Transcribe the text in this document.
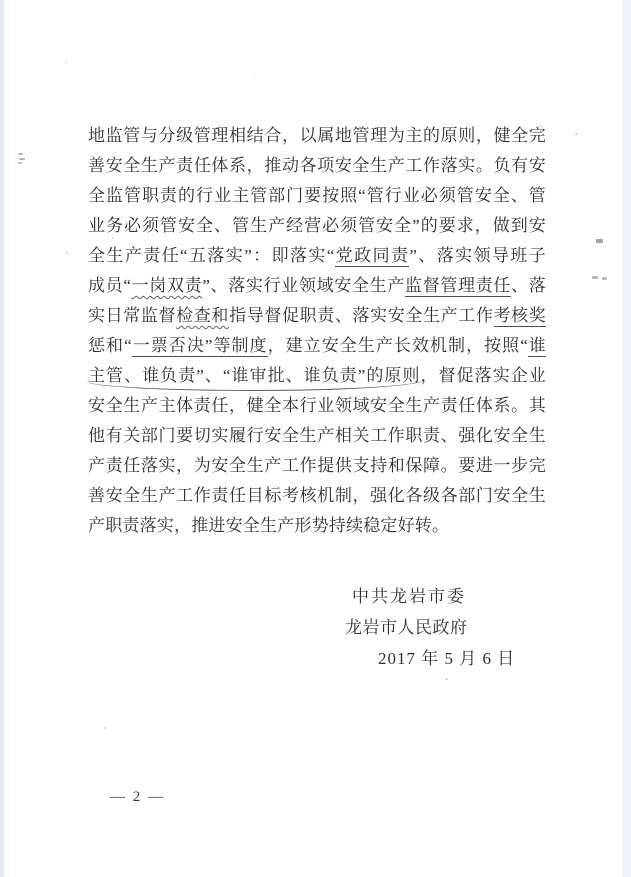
地监管与分级管理相结合，以属地管理为主的原则，健全完
善安全生产责任体系，推动各项安全生产工作落实。负有安
全监管职责的行业主管部门要按照“管行业必须管安全、管
业务必须管安全、管生产经营必须管安全”的要求，做到安
全生产责任“五落实”：即落实“党政同责”、落实领导班子
成员“一岗双责”、落实行业领域安全生产监督管理责任、落
实日常监督检查和指导督促职责、落实安全生产工作考核奖
惩和“一票否决”等制度，建立安全生产长效机制，按照“谁
主管、谁负责”、“谁审批、谁负责”的原则，督促落实企业
安全生产主体责任，健全本行业领域安全生产责任体系。其
他有关部门要切实履行安全生产相关工作职责、强化安全生
产责任落实，为安全生产工作提供支持和保障。要进一步完
善安全生产工作责任目标考核机制，强化各级各部门安全生
产职责落实，推进安全生产形势持续稳定好转。
中共龙岩市委
龙岩市人民政府
2017 年 5 月 6 日
— 2 —
